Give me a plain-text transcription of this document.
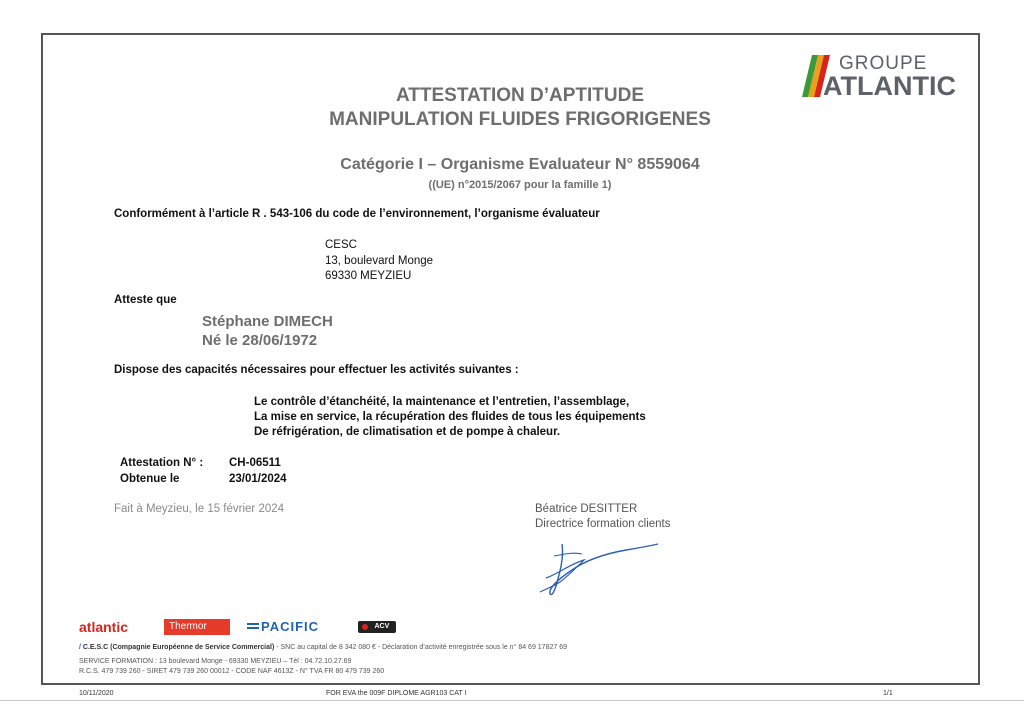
GROUPE
ATLANTIC
ATTESTATION D’APTITUDE
MANIPULATION FLUIDES FRIGORIGENES
Catégorie I – Organisme Evaluateur N° 8559064
((UE) n°2015/2067 pour la famille 1)
Conformément à l’article R . 543-106 du code de l’environnement, l’organisme évaluateur
CESC
13, boulevard Monge
69330 MEYZIEU
Atteste que
Stéphane DIMECH
Né le 28/06/1972
Dispose des capacités nécessaires pour effectuer les activités suivantes :
Le contrôle d’étanchéité, la maintenance et l’entretien, l’assemblage,
La mise en service, la récupération des fluides de tous les équipements
De réfrigération, de climatisation et de pompe à chaleur.
Attestation N° : CH-06511
Obtenue le	23/01/2024
Fait à Meyzieu, le 15 février 2024	Béatrice DESITTER
Directrice formation clients
atlantic	Thermor	PACIFIC	$^{ACV}$
/ C.E.S.C (Compagnie Européenne de Service Commercial) - SNC au capital de 8 342 080 € - Déclaration d’activité enregistrée sous le n° 84 69 17827 69
SERVICE FORMATION : 13 boulevard Monge - 69330 MEYZIEU – Tél : 04.72.10.27.69
R.C.S. 479 739 260 - SIRET 479 739 260 00012 - CODE NAF 4613Z - N° TVA FR 80 479 739 260
10/11/2020	FOR EVA the 009F DIPLOME AGR103 CAT I	1/1
